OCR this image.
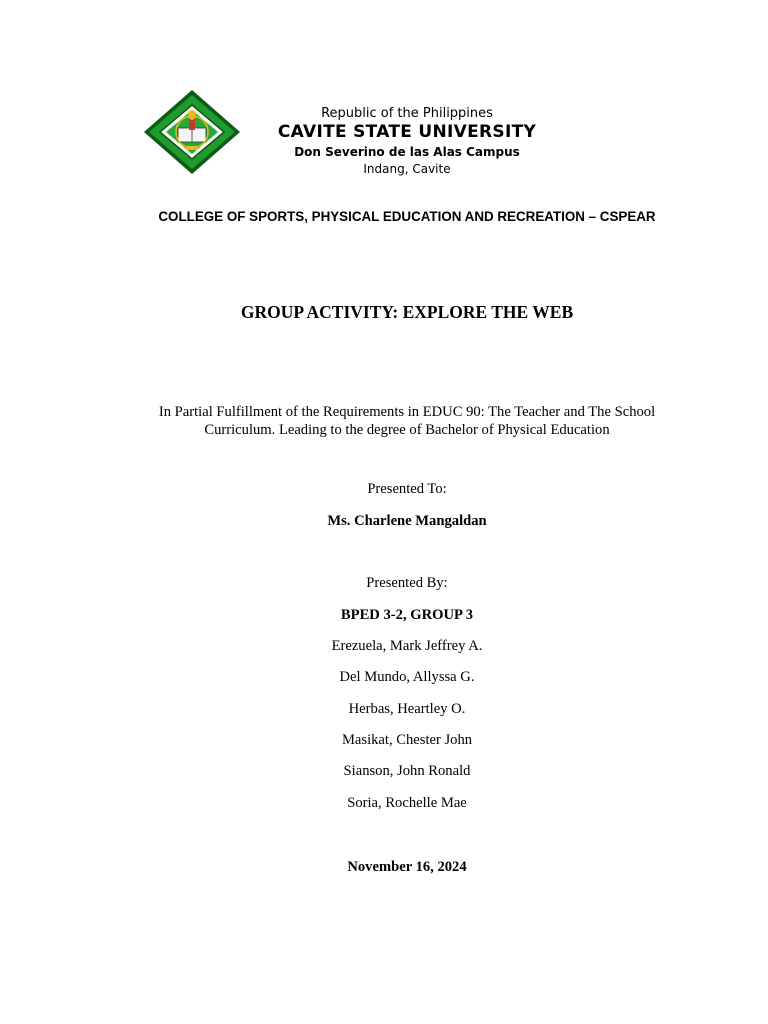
Republic of the Philippines
CAVITE STATE UNIVERSITY
Don Severino de las Alas Campus
Indang, Cavite
COLLEGE OF SPORTS, PHYSICAL EDUCATION AND RECREATION – CSPEAR
GROUP ACTIVITY: EXPLORE THE WEB
In Partial Fulfillment of the Requirements in EDUC 90: The Teacher and The School
Curriculum. Leading to the degree of Bachelor of Physical Education
Presented To:
Ms. Charlene Mangaldan
Presented By:
BPED 3-2, GROUP 3
Erezuela, Mark Jeffrey A.
Del Mundo, Allyssa G.
Herbas, Heartley O.
Masikat, Chester John
Sianson, John Ronald
Soria, Rochelle Mae
November 16, 2024
